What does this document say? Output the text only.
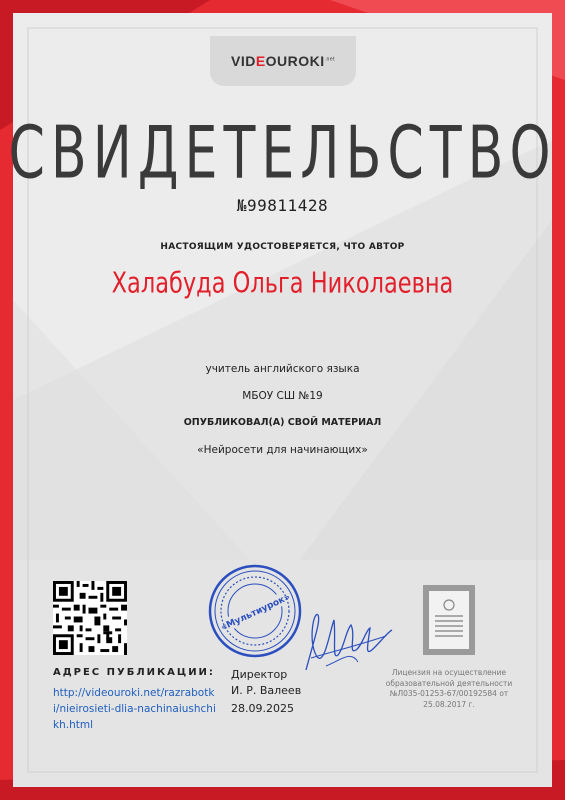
$VIDEOUROKI^{.net}$
СВИДЕТЕЛЬСТВО
№99811428
НАСТОЯЩИМ УДОСТОВЕРЯЕТСЯ, ЧТО АВТОР
Халабуда Ольга Николаевна
учитель английского языка
МБОУ СШ №19
ОПУБЛИКОВАЛ(А) СВОЙ МАТЕРИАЛ
«Нейросети для начинающих»
АДРЕС ПУБЛИКАЦИИ:
http://videouroki.net/razrabotki/nieirosieti-dlia-nachinaiushchikh.html
«Мультиурок»
Директор
И. Р. Валеев
28.09.2025
Лицензия на осуществление образовательной деятельности №Л035-01253-67/00192584 от 25.08.2017 г.
